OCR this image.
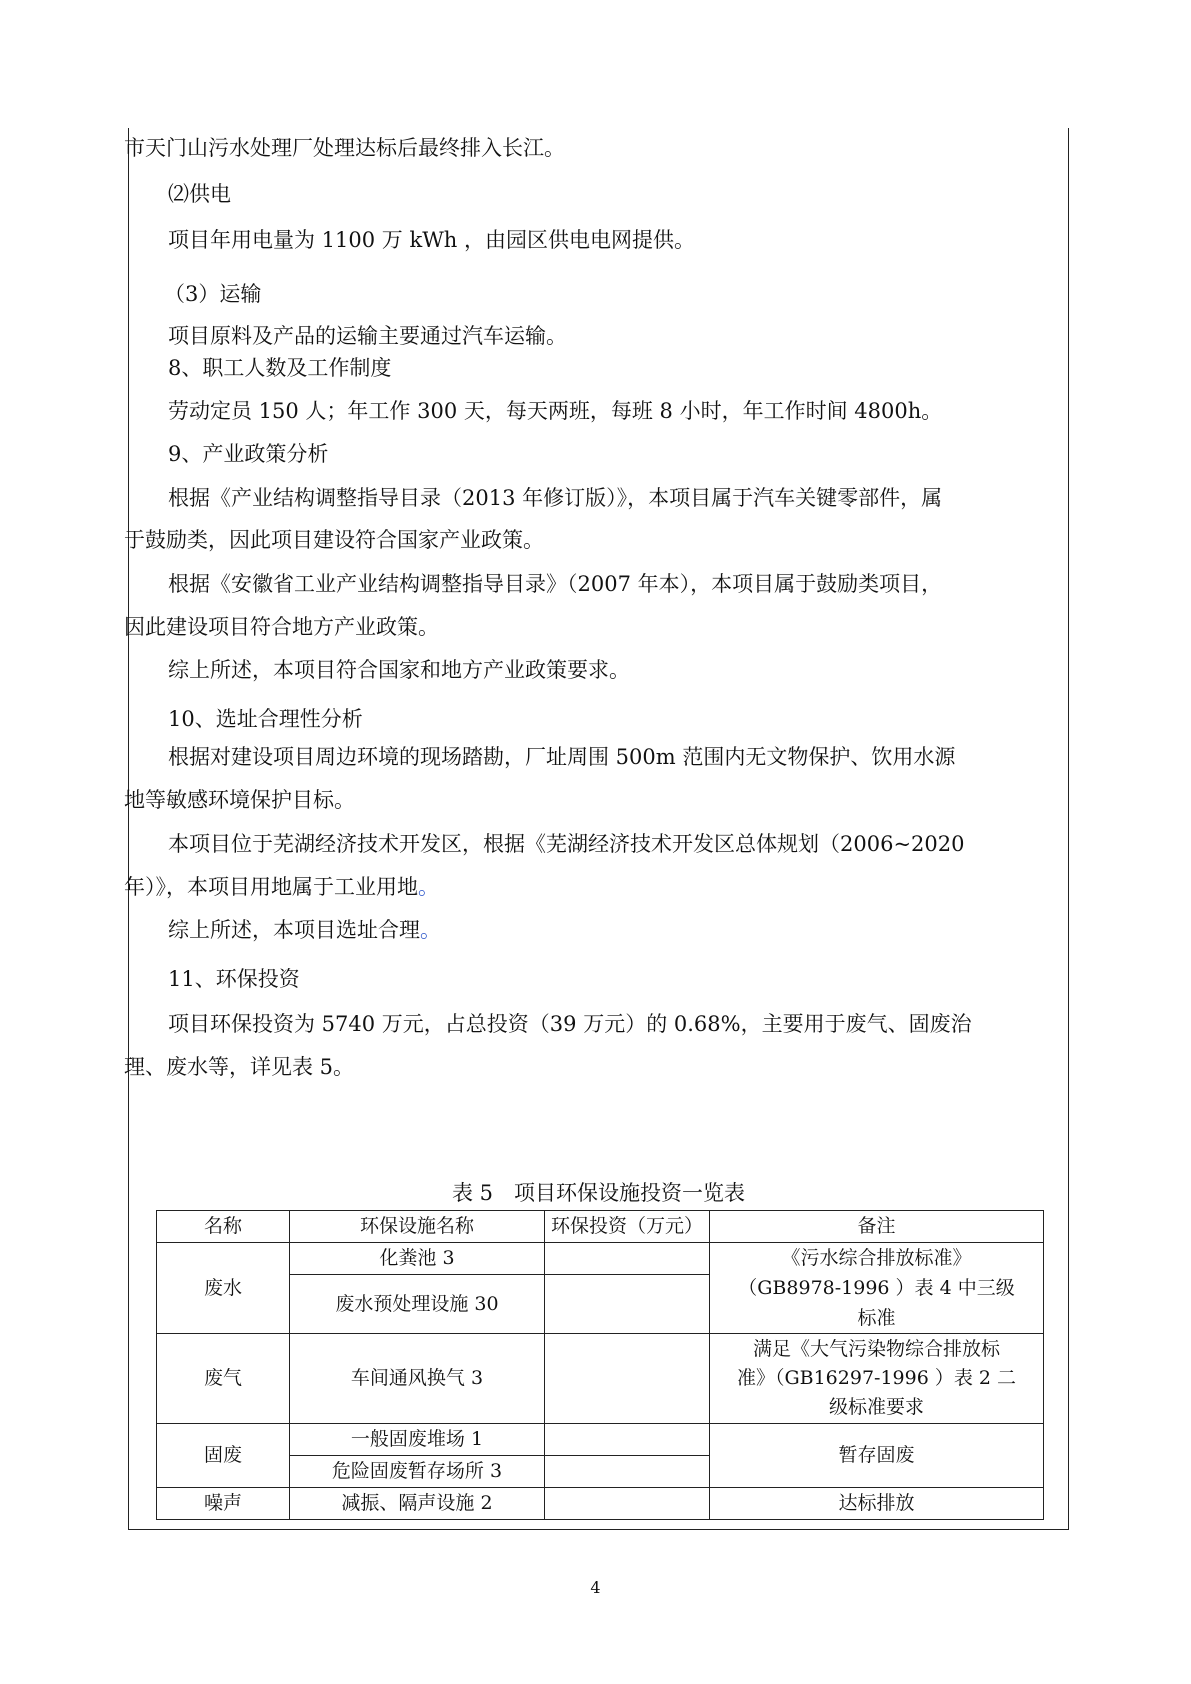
市天门山污水处理厂处理达标后最终排入长江。
⑵供电
项目年用电量为 1100 万 kWh ，由园区供电电网提供。
（3）运输
项目原料及产品的运输主要通过汽车运输。
8、职工人数及工作制度
劳动定员 150 人；年工作 300 天，每天两班，每班 8 小时，年工作时间 4800h。
9、产业政策分析
根据《产业结构调整指导目录（2013 年修订版）》，本项目属于汽车关键零部件，属
于鼓励类，因此项目建设符合国家产业政策。
根据《安徽省工业产业结构调整指导目录》（2007 年本），本项目属于鼓励类项目，
因此建设项目符合地方产业政策。
综上所述，本项目符合国家和地方产业政策要求。
10、选址合理性分析
根据对建设项目周边环境的现场踏勘，厂址周围 500m 范围内无文物保护、饮用水源
地等敏感环境保护目标。
本项目位于芜湖经济技术开发区，根据《芜湖经济技术开发区总体规划（2006~2020
年）》，本项目用地属于工业用地。
综上所述，本项目选址合理。
11、环保投资
项目环保投资为 5740 万元，占总投资（39 万元）的 0.68%，主要用于废气、固废治
理、废水等，详见表 5。
表 5　项目环保设施投资一览表
名称	环保设施名称	环保投资（万元）	备注
废水	化粪池 3		《污水综合排放标准》
（GB8978-1996 ）表 4 中三级
标准

	废水预处理设施 30		
废气	车间通风换气 3		满足《大气污染物综合排放标
准》（GB16297-1996 ）表 2 二
级标准要求

固废	一般固废堆场 1		暂存固废
	危险固废暂存场所 3		
噪声	减振、隔声设施 2		达标排放
4
